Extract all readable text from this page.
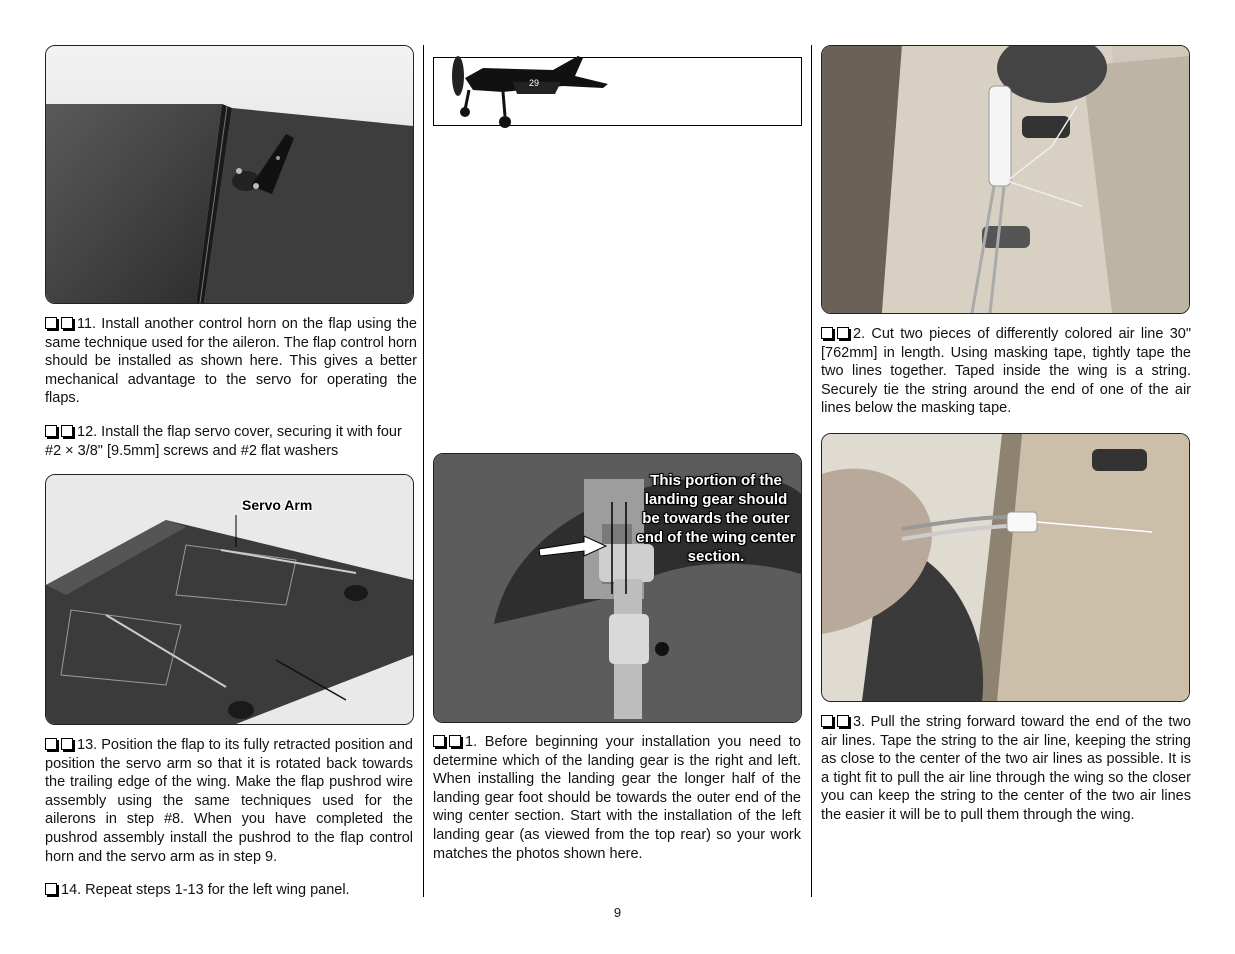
11. Install another control horn on the flap using the same technique used for the aileron. The flap control horn should be installed as shown here. This gives a better mechanical advantage to the servo for operating the flaps.

12. Install the flap servo cover, securing it with four #2 × 3/8" [9.5mm] screws and #2 flat washers

Servo Arm

13. Position the flap to its fully retracted position and position the servo arm so that it is rotated back towards the trailing edge of the wing. Make the flap pushrod wire assembly using the same techniques used for the ailerons in step #8. When you have completed the pushrod assembly install the pushrod to the flap control horn and the servo arm as in step 9.

14. Repeat steps 1-13 for the left wing panel.

29
This portion of the landing gear should be towards the outer end of the wing center section.

1. Before beginning your installation you need to determine which of the landing gear is the right and left. When installing the landing gear the longer half of the landing gear foot should be towards the outer end of the wing center section. Start with the installation of the left landing gear (as viewed from the top rear) so your work matches the photos shown here.

2. Cut two pieces of differently colored air line 30" [762mm] in length. Using masking tape, tightly tape the two lines together. Taped inside the wing is a string. Securely tie the string around the end of one of the air lines below the masking tape.

3. Pull the string forward toward the end of the two air lines. Tape the string to the air line, keeping the string as close to the center of the two air lines as possible. It is a tight fit to pull the air line through the wing so the closer you can keep the string to the center of the two air lines the easier it will be to pull them through the wing.

9
